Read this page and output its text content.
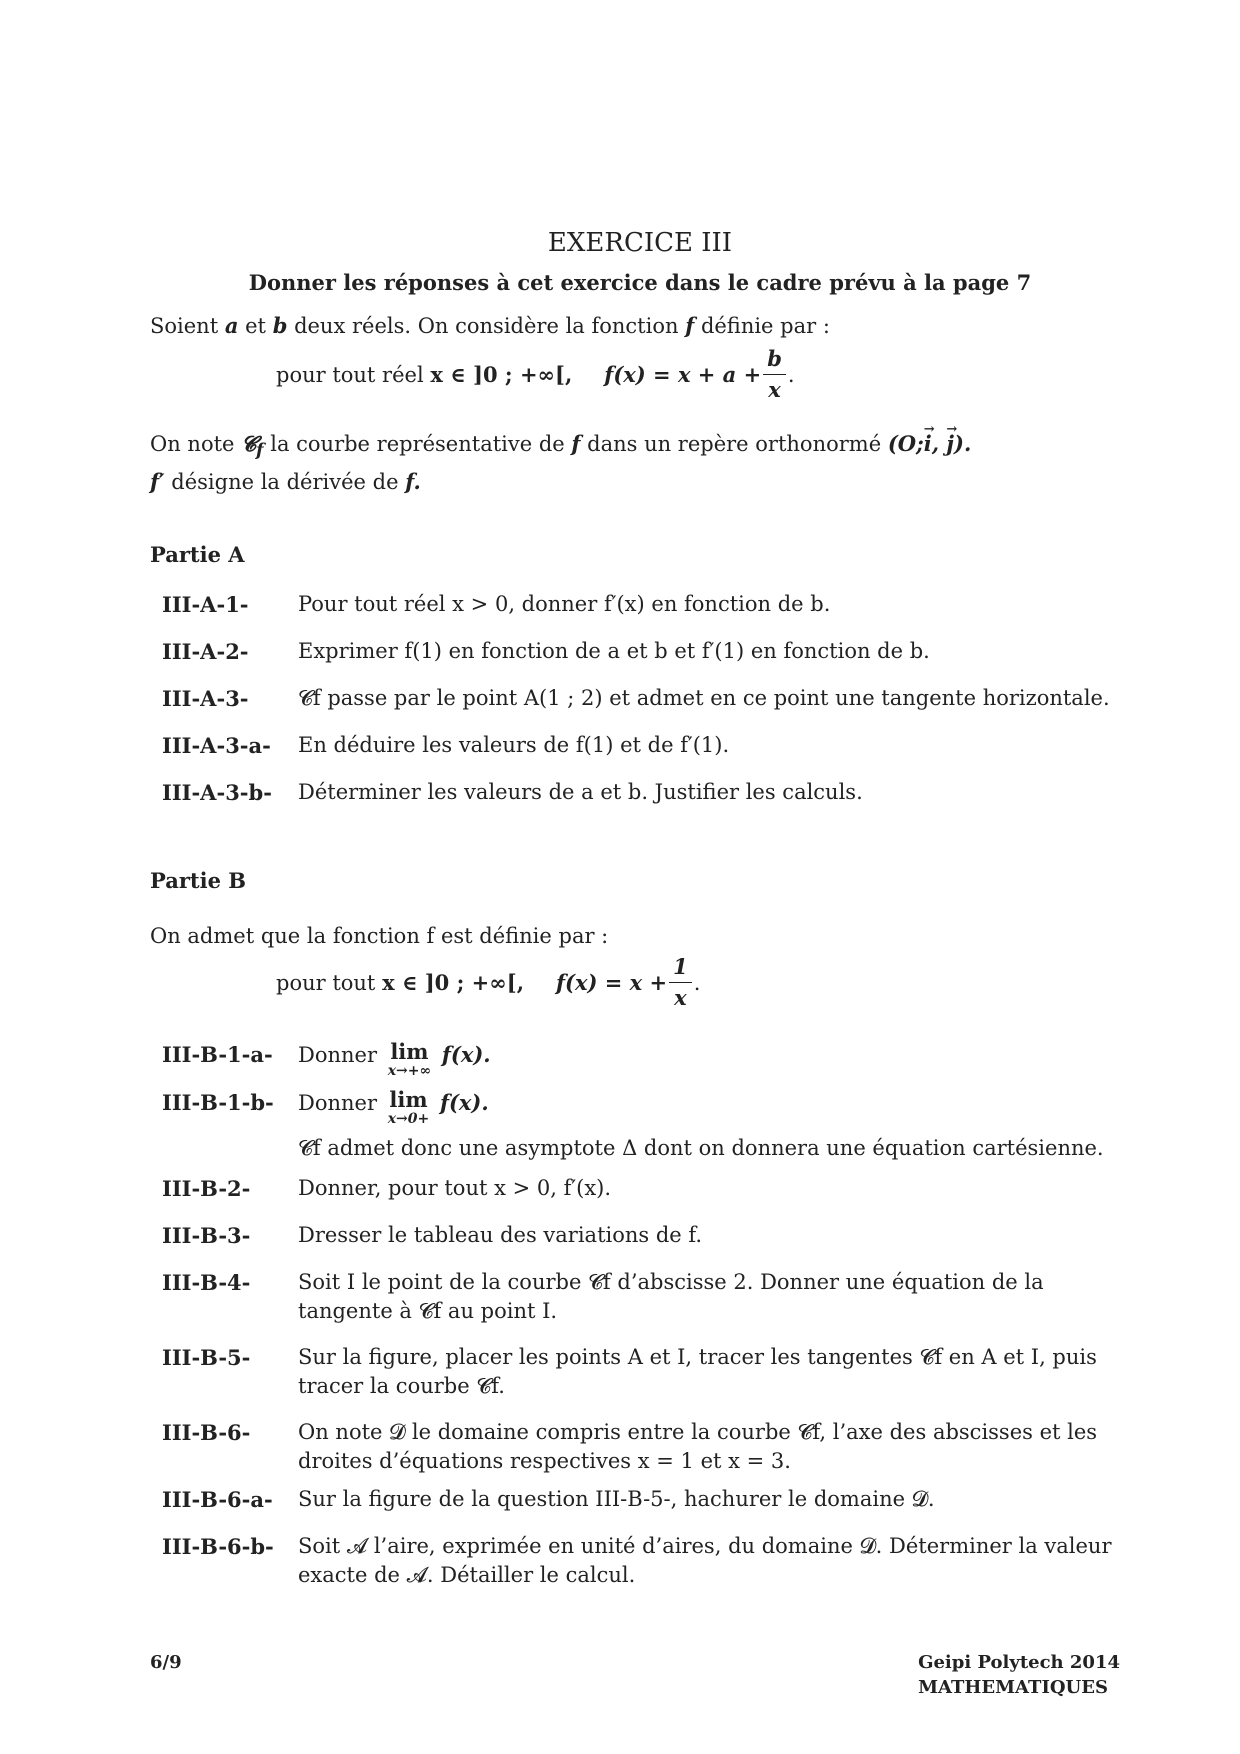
EXERCICE III
Donner les réponses à cet exercice dans le cadre prévu à la page 7
Soient a et b deux réels. On considère la fonction f définie par :
pour tout réel
x ∈ ]0 ; +∞[, $f(x) = x + a + \frac{b}{x}$ .
On note 𝓒$_f$ la courbe représentative de f dans un repère orthonormé (O;→ i, → j).
f′ désigne la dérivée de f.
Partie A
III-A-1-	Pour tout réel x > 0, donner f′(x) en fonction de b.
III-A-2-	Exprimer f(1) en fonction de a et b et f′(1) en fonction de b.
III-A-3-	𝓒f passe par le point A(1 ; 2) et admet en ce point une tangente horizontale.
III-A-3-a-	En déduire les valeurs de f(1) et de f′(1).
III-A-3-b-	Déterminer les valeurs de a et b. Justifier les calculs.
Partie B
On admet que la fonction f est définie par :
pour tout
x ∈ ]0 ; +∞[, $f(x) = x + \frac{1}{x}$ .
III-B-1-a-	Donner lim
x→+∞
f(x).
III-B-1-b-	Donner lim
x→0+
f(x).
𝓒f admet donc une asymptote Δ dont on donnera une équation cartésienne.
III-B-2-	Donner, pour tout x > 0, f′(x).
III-B-3-	Dresser le tableau des variations de f.
III-B-4-	Soit I le point de la courbe 𝓒f d’abscisse 2. Donner une équation de la tangente à 𝓒f au point I.
III-B-5-	Sur la figure, placer les points A et I, tracer les tangentes 𝓒f en A et I, puis tracer la courbe 𝓒f.
III-B-6-	On note 𝓓 le domaine compris entre la courbe 𝓒f, l’axe des abscisses et les droites d’équations respectives x = 1 et x = 3.
III-B-6-a-	Sur la figure de la question III-B-5-, hachurer le domaine 𝓓.
III-B-6-b-	Soit 𝓐 l’aire, exprimée en unité d’aires, du domaine 𝓓. Déterminer la valeur exacte de 𝓐. Détailler le calcul.
6/9	Geipi Polytech 2014
MATHEMATIQUES
